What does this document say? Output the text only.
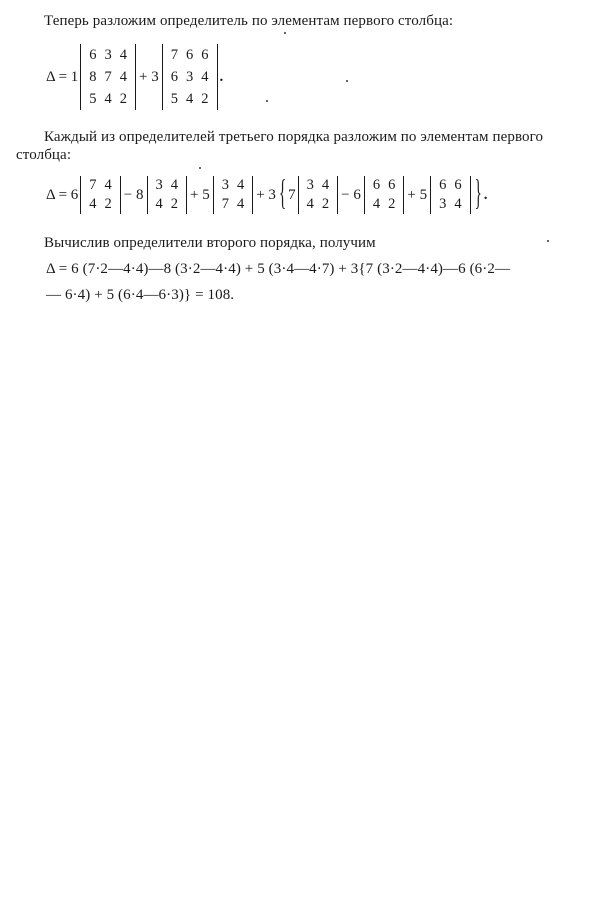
Теперь разложим определитель по элементам первого столбца:
Δ = 1
6	3	4
8	7	4
5	4	2
+ 3
7	6	6
6	3	4
5	4	2
.
Каждый из определителей третьего порядка разложим по элементам первого
столбца:
Δ = 6
7	4
4	2
− 8
3	4
4	2
+ 5
3	4
7	4
+ 3 { 7
3	4
4	2
− 6
6	6
4	2
+ 5
6	6
3	4 } .
Вычислив определители второго порядка, получим
Δ = 6 (7·2—4·4)—8 (3·2—4·4) + 5 (3·4—4·7) + 3{7 (3·2—4·4)—6 (6·2—
— 6·4) + 5 (6·4—6·3)} = 108.
